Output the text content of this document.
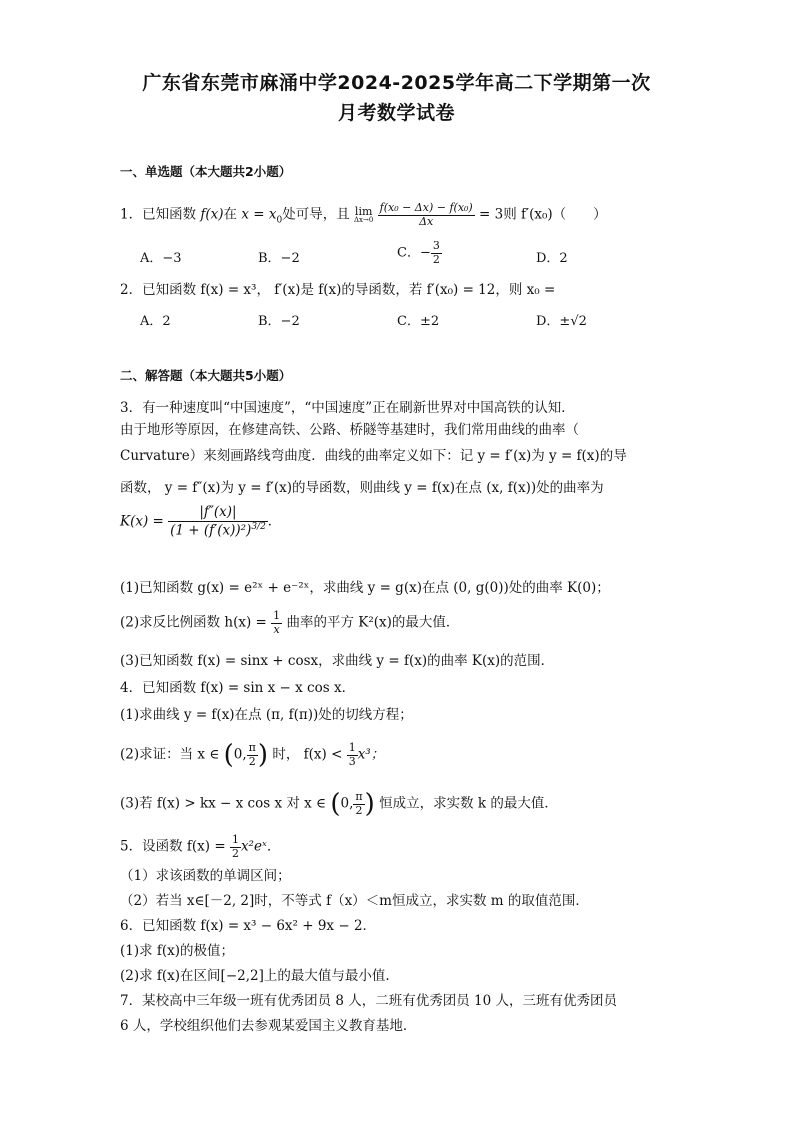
广东省东莞市麻涌中学2024-2025学年高二下学期第一次
月考数学试卷
一、单选题（本大题共2小题）
1．已知函数 f(x)在 $x = x_0$处可导，且 lim
Δx→0
$\frac{\text{f(x₀ − Δx) − f(x₀)}}{\Delta x} = 3$则 f′(x₀)（　　）
A．−3	B．−2	C．− $\frac{3}{2}$	D．2
2．已知函数 f(x) = x³， f′(x)是 f(x)的导函数，若 f′(x₀) = 12，则 x₀ =
A．2	B．−2	C．±2	D．±√2
二、解答题（本大题共5小题）
3．有一种速度叫“中国速度”，“中国速度”正在刷新世界对中国高铁的认知．
由于地形等原因，在修建高铁、公路、桥隧等基建时，我们常用曲线的曲率（
Curvature）来刻画路线弯曲度．曲线的曲率定义如下：记 y = f′(x)为 y = f(x)的导
函数， y = f″(x)为 y = f′(x)的导函数，则曲线 y = f(x)在点 (x, f(x))处的曲率为
$K(x) = \frac{|f''(x)|}{(1 + (f'(x))^2)^{3/2}}$ ．
(1)已知函数 g(x) = e²ˣ + e⁻²ˣ，求曲线 y = g(x)在点 (0, g(0))处的曲率 K(0)；
(2)求反比例函数 $h(x) = \frac{1}{x}$ 曲率的平方 K²(x)的最大值．
(3)已知函数 f(x) = sinx + cosx，求曲线 y = f(x)的曲率 K(x)的范围．
4．已知函数 f(x) = sin x − x cos x．
(1)求曲线 y = f(x)在点 (π, f(π))处的切线方程；
(2)求证：当 x ∈ (0, $\frac{\pi}{2}$ ) 时， $f(x) < \frac{1}{3} x^3$；
(3)若 f(x) > kx − x cos x 对 x ∈ (0, $\frac{\pi}{2}$ ) 恒成立，求实数 k 的最大值．
5．设函数 $f(x) = \frac{1}{2}$ x²eˣ．
（1）求该函数的单调区间；
（2）若当 x∈[－2, 2]时，不等式 f（x）＜m恒成立，求实数 m 的取值范围．
6．已知函数 f(x) = x³ − 6x² + 9x − 2．
(1)求 f(x)的极值；
(2)求 f(x)在区间[−2,2]上的最大值与最小值.
7．某校高中三年级一班有优秀团员 8 人，二班有优秀团员 10 人，三班有优秀团员
6 人，学校组织他们去参观某爱国主义教育基地．
